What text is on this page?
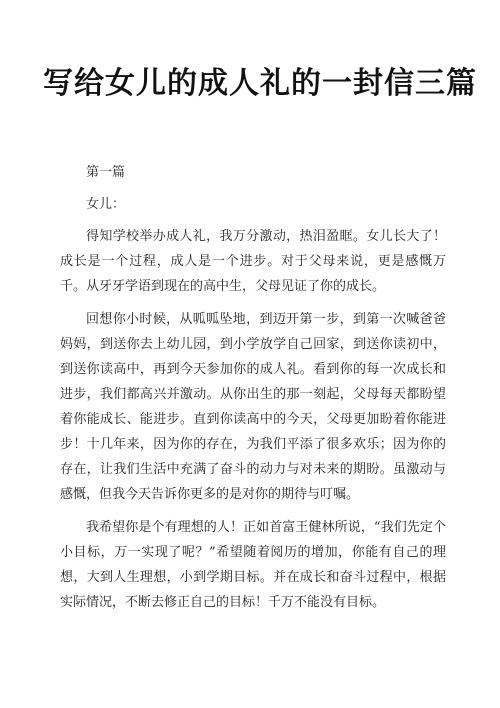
写给女儿的成人礼的一封信三篇

第一篇

女儿：

得知学校举办成人礼，我万分激动，热泪盈眶。女儿长大了！成长是一个过程，成人是一个进步。对于父母来说，更是感慨万千。从牙牙学语到现在的高中生，父母见证了你的成长。

回想你小时候，从呱呱坠地，到迈开第一步，到第一次喊爸爸妈妈，到送你去上幼儿园，到小学放学自己回家，到送你读初中，到送你读高中，再到今天参加你的成人礼。看到你的每一次成长和进步，我们都高兴并激动。从你出生的那一刻起，父母每天都盼望着你能成长、能进步。直到你读高中的今天，父母更加盼着你能进步！十几年来，因为你的存在，为我们平添了很多欢乐；因为你的存在，让我们生活中充满了奋斗的动力与对未来的期盼。虽激动与感慨，但我今天告诉你更多的是对你的期待与叮嘱。

我希望你是个有理想的人！正如首富王健林所说，“我们先定个小目标，万一实现了呢？”希望随着阅历的增加，你能有自己的理想，大到人生理想，小到学期目标。并在成长和奋斗过程中，根据实际情况，不断去修正自己的目标！千万不能没有目标。
